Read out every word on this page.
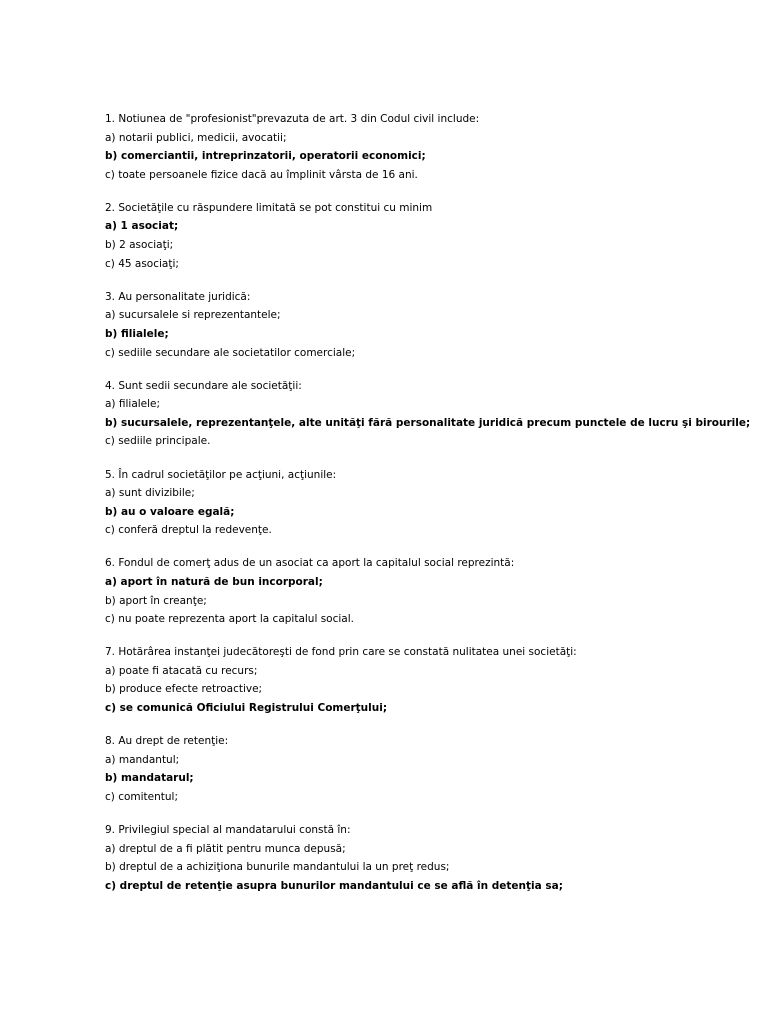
1. Notiunea de "profesionist"prevazuta de art. 3 din Codul civil include:
a) notarii publici, medicii, avocatii;
b) comerciantii, intreprinzatorii, operatorii economici;
c) toate persoanele fizice dacă au împlinit vârsta de 16 ani.
2. Societăţile cu răspundere limitată se pot constitui cu minim
a) 1 asociat;
b) 2 asociaţi;
c) 45 asociaţi;
3. Au personalitate juridică:
a) sucursalele si reprezentantele;
b) filialele;
c) sediile secundare ale societatilor comerciale;
4. Sunt sedii secundare ale societăţii:
a) filialele;
b) sucursalele, reprezentanţele, alte unităţi fără personalitate juridică precum punctele de lucru şi birourile;
c) sediile principale.
5. În cadrul societăţilor pe acţiuni, acţiunile:
a) sunt divizibile;
b) au o valoare egală;
c) conferă dreptul la redevenţe.
6. Fondul de comerţ adus de un asociat ca aport la capitalul social reprezintă:
a) aport în natură de bun incorporal;
b) aport în creanţe;
c) nu poate reprezenta aport la capitalul social.
7. Hotărârea instanţei judecătoreşti de fond prin care se constată nulitatea unei societăţi:
a) poate fi atacată cu recurs;
b) produce efecte retroactive;
c) se comunică Oficiului Registrului Comerţului;
8. Au drept de retenţie:
a) mandantul;
b) mandatarul;
c) comitentul;
9. Privilegiul special al mandatarului constă în:
a) dreptul de a fi plătit pentru munca depusă;
b) dreptul de a achiziţiona bunurile mandantului la un preţ redus;
c) dreptul de retenţie asupra bunurilor mandantului ce se află în detenţia sa;
